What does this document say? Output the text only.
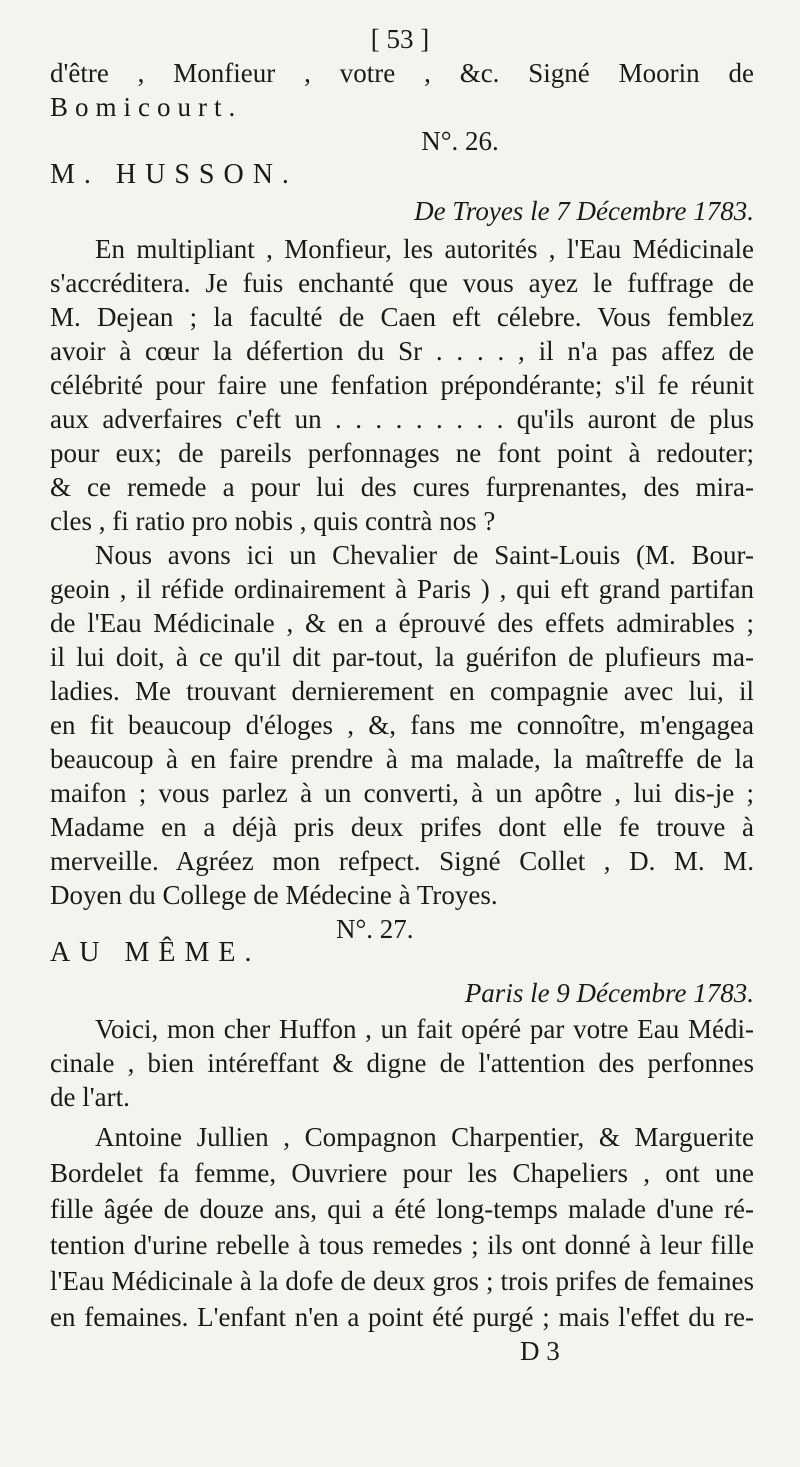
[ 53 ]
d'être , Monfieur , votre , &c. Signé Moorin de
Bomicourt.
N°. 26.
M. HUSSON.
De Troyes le 7 Décembre 1783.
En multipliant , Monfieur, les autorités , l'Eau Médicinale
s'accréditera. Je fuis enchanté que vous ayez le fuffrage de
M. Dejean ; la faculté de Caen eft célebre. Vous femblez
avoir à cœur la défertion du Sr . . . . , il n'a pas affez de
célébrité pour faire une fenfation prépondérante; s'il fe réunit
aux adverfaires c'eft un . . . . . . . . . qu'ils auront de plus
pour eux; de pareils perfonnages ne font point à redouter;
& ce remede a pour lui des cures furprenantes, des mira-
cles , fi ratio pro nobis , quis contrà nos ?
Nous avons ici un Chevalier de Saint-Louis (M. Bour-
geoin , il réfide ordinairement à Paris ) , qui eft grand partifan
de l'Eau Médicinale , & en a éprouvé des effets admirables ;
il lui doit, à ce qu'il dit par-tout, la guérifon de plufieurs ma-
ladies. Me trouvant dernierement en compagnie avec lui, il
en fit beaucoup d'éloges , &, fans me connoître, m'engagea
beaucoup à en faire prendre à ma malade, la maîtreffe de la
maifon ; vous parlez à un converti, à un apôtre , lui dis-je ;
Madame en a déjà pris deux prifes dont elle fe trouve à
merveille. Agréez mon refpect. Signé Collet , D. M. M.
Doyen du College de Médecine à Troyes.
N°. 27.
AU MÊME.
Paris le 9 Décembre 1783.
Voici, mon cher Huffon , un fait opéré par votre Eau Médi-
cinale , bien intéreffant & digne de l'attention des perfonnes
de l'art.
Antoine Jullien , Compagnon Charpentier, & Marguerite
Bordelet fa femme, Ouvriere pour les Chapeliers , ont une
fille âgée de douze ans, qui a été long-temps malade d'une ré-
tention d'urine rebelle à tous remedes ; ils ont donné à leur fille
l'Eau Médicinale à la dofe de deux gros ; trois prifes de femaines
en femaines. L'enfant n'en a point été purgé ; mais l'effet du re-
D 3
